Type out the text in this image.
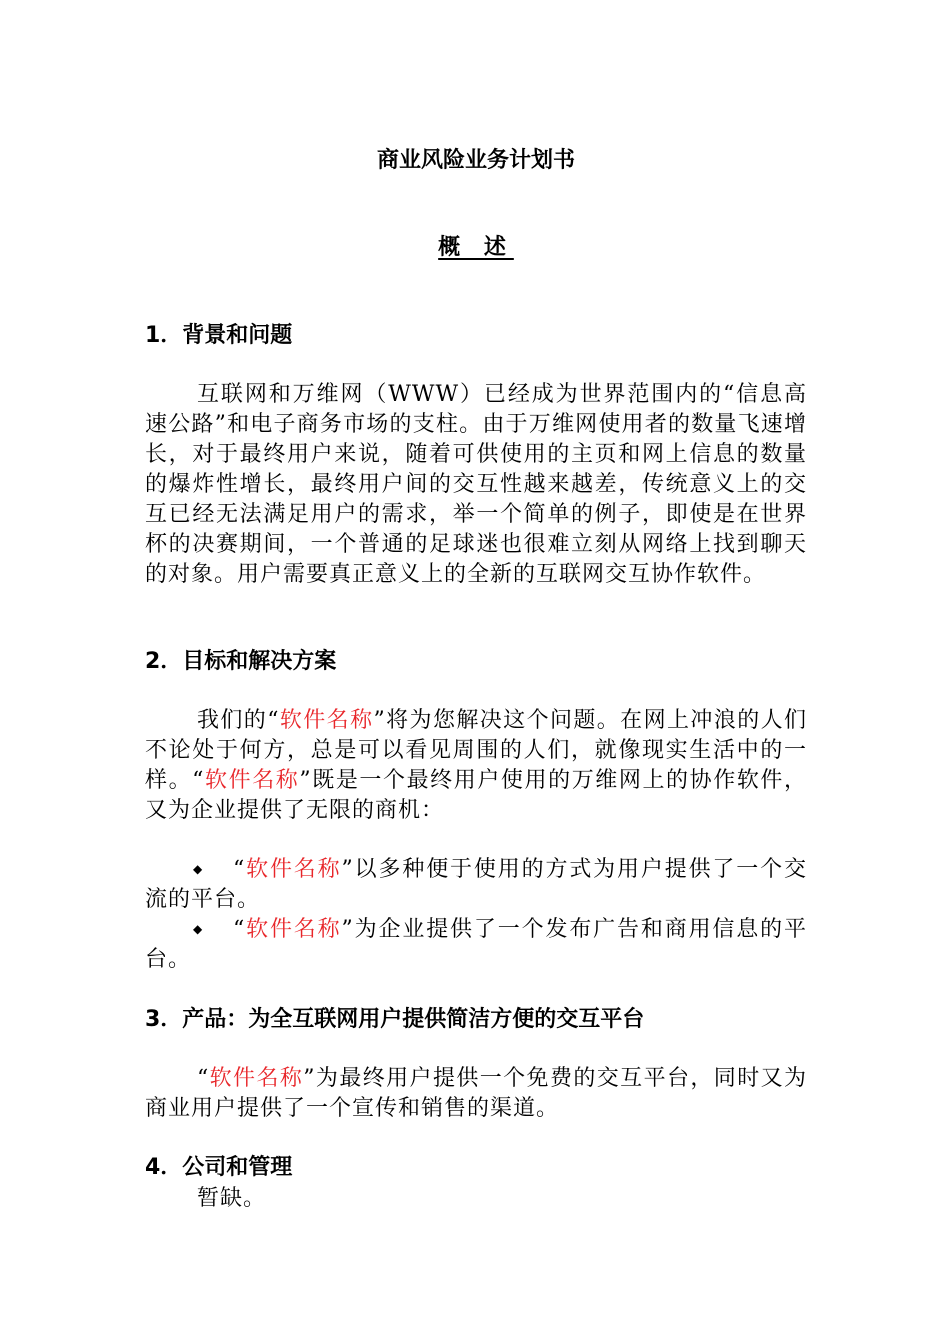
商业风险业务计划书
概 述
1．背景和问题
互联网和万维网（WWW）已经成为世界范围内的“信息高速公路”和电子商务市场的支柱。由于万维网使用者的数量飞速增长，对于最终用户来说，随着可供使用的主页和网上信息的数量的爆炸性增长，最终用户间的交互性越来越差，传统意义上的交互已经无法满足用户的需求，举一个简单的例子，即使是在世界杯的决赛期间，一个普通的足球迷也很难立刻从网络上找到聊天的对象。用户需要真正意义上的全新的互联网交互协作软件。
2．目标和解决方案
我们的“软件名称”将为您解决这个问题。在网上冲浪的人们不论处于何方，总是可以看见周围的人们，就像现实生活中的一样。“软件名称”既是一个最终用户使用的万维网上的协作软件，又为企业提供了无限的商机：
◆ “软件名称”以多种便于使用的方式为用户提供了一个交流的平台。
◆ “软件名称”为企业提供了一个发布广告和商用信息的平台。
3．产品：为全互联网用户提供简洁方便的交互平台
“软件名称”为最终用户提供一个免费的交互平台，同时又为商业用户提供了一个宣传和销售的渠道。
4．公司和管理
暂缺。
